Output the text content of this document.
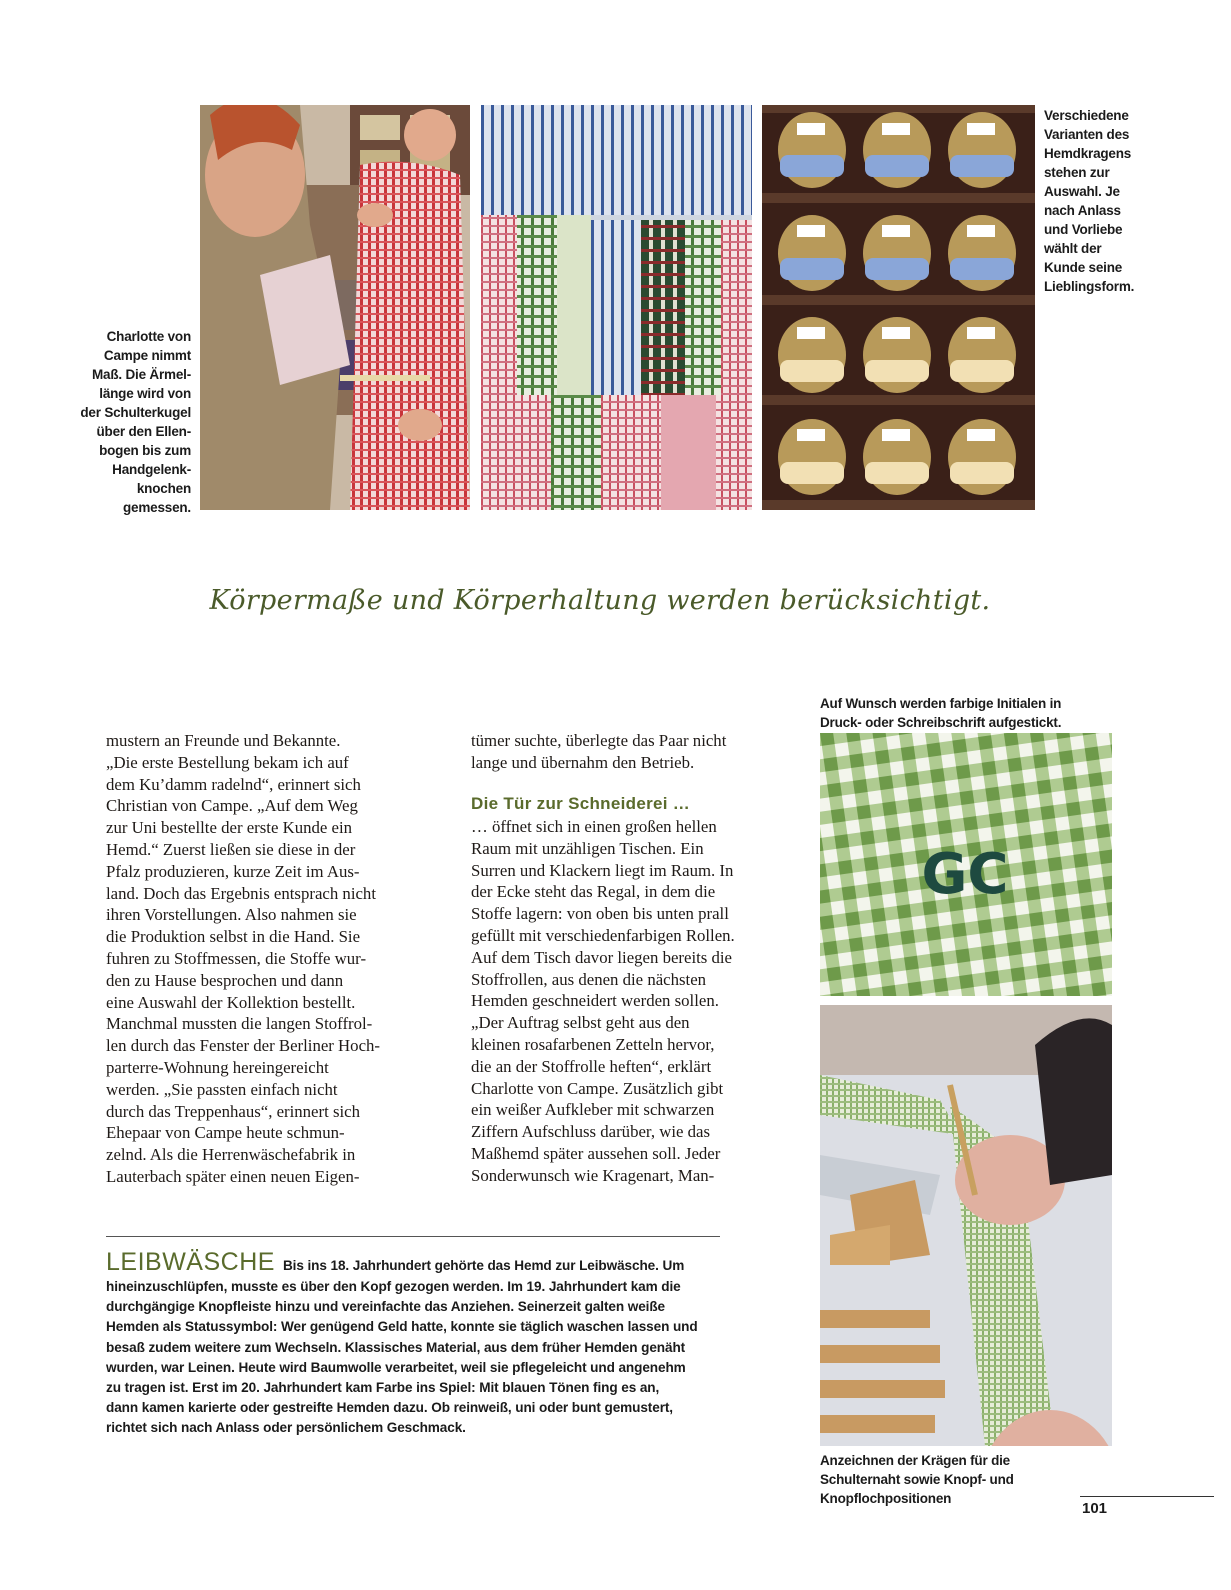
Charlotte von
Campe nimmt
Maß. Die Ärmel-
länge wird von
der Schulterkugel
über den Ellen-
bogen bis zum
Handgelenk-
knochen
gemessen.
Verschiedene
Varianten des
Hemdkragens
stehen zur
Auswahl. Je
nach Anlass
und Vorliebe
wählt der
Kunde seine
Lieblingsform.
Körpermaße und Körperhaltung werden berücksichtigt.
Auf Wunsch werden farbige Initialen in
Druck- oder Schreibschrift aufgestickt.
mustern an Freunde und Bekannte.
„Die erste Bestellung bekam ich auf
dem Ku’damm radelnd“, erinnert sich
Christian von Campe. „Auf dem Weg
zur Uni bestellte der erste Kunde ein
Hemd.“ Zuerst ließen sie diese in der
Pfalz produzieren, kurze Zeit im Aus-
land. Doch das Ergebnis entsprach nicht
ihren Vorstellungen. Also nahmen sie
die Produktion selbst in die Hand. Sie
fuhren zu Stoffmessen, die Stoffe wur-
den zu Hause besprochen und dann
eine Auswahl der Kollektion bestellt.
Manchmal mussten die langen Stoffrol-
len durch das Fenster der Berliner Hoch-
parterre-Wohnung hereingereicht
werden. „Sie passten einfach nicht
durch das Treppenhaus“, erinnert sich
Ehepaar von Campe heute schmun-
zelnd. Als die Herrenwäschefabrik in
Lauterbach später einen neuen Eigen-
tümer suchte, überlegte das Paar nicht
lange und übernahm den Betrieb.
Die Tür zur Schneiderei …
… öffnet sich in einen großen hellen
Raum mit unzähligen Tischen. Ein
Surren und Klackern liegt im Raum. In
der Ecke steht das Regal, in dem die
Stoffe lagern: von oben bis unten prall
gefüllt mit verschiedenfarbigen Rollen.
Auf dem Tisch davor liegen bereits die
Stoffrollen, aus denen die nächsten
Hemden geschneidert werden sollen.
„Der Auftrag selbst geht aus den
kleinen rosafarbenen Zetteln hervor,
die an der Stoffrolle heften“, erklärt
Charlotte von Campe. Zusätzlich gibt
ein weißer Aufkleber mit schwarzen
Ziffern Aufschluss darüber, wie das
Maßhemd später aussehen soll. Jeder
Sonderwunsch wie Kragenart, Man-
GC
LEIBWÄSCHE Bis ins 18. Jahrhundert gehörte das Hemd zur Leibwäsche. Um
hineinzuschlüpfen, musste es über den Kopf gezogen werden. Im 19. Jahrhundert kam die
durchgängige Knopfleiste hinzu und vereinfachte das Anziehen. Seinerzeit galten weiße
Hemden als Statussymbol: Wer genügend Geld hatte, konnte sie täglich waschen lassen und
besaß zudem weitere zum Wechseln. Klassisches Material, aus dem früher Hemden genäht
wurden, war Leinen. Heute wird Baumwolle verarbeitet, weil sie pflegeleicht und angenehm
zu tragen ist. Erst im 20. Jahrhundert kam Farbe ins Spiel: Mit blauen Tönen fing es an,
dann kamen karierte oder gestreifte Hemden dazu. Ob reinweiß, uni oder bunt gemustert,
richtet sich nach Anlass oder persönlichem Geschmack.
Anzeichnen der Krägen für die
Schulternaht sowie Knopf- und
Knopflochpositionen
101
